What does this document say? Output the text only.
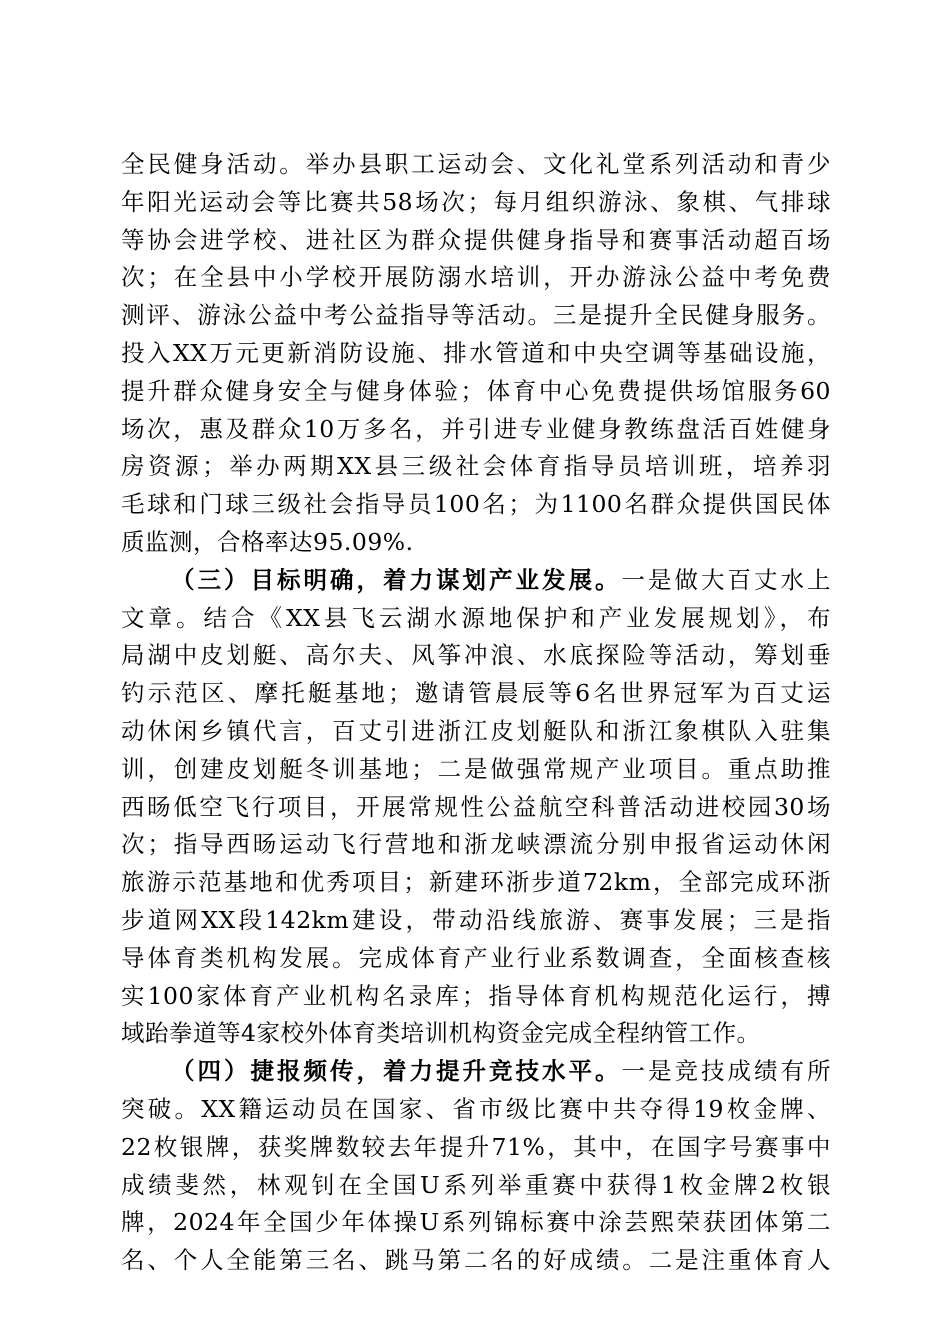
全民健身活动。举办县职工运动会、文化礼堂系列活动和青少
年阳光运动会等比赛共58场次；每月组织游泳、象棋、气排球
等协会进学校、进社区为群众提供健身指导和赛事活动超百场
次；在全县中小学校开展防溺水培训，开办游泳公益中考免费
测评、游泳公益中考公益指导等活动。三是提升全民健身服务。
投入XX万元更新消防设施、排水管道和中央空调等基础设施，
提升群众健身安全与健身体验；体育中心免费提供场馆服务60
场次，惠及群众10万多名，并引进专业健身教练盘活百姓健身
房资源；举办两期XX县三级社会体育指导员培训班，培养羽
毛球和门球三级社会指导员100名；为1100名群众提供国民体
质监测，合格率达95.09%.
（三）目标明确，着力谋划产业发展。一是做大百丈水上
文章。结合《XX县飞云湖水源地保护和产业发展规划》，布
局湖中皮划艇、高尔夫、风筝冲浪、水底探险等活动，筹划垂
钓示范区、摩托艇基地；邀请管晨辰等6名世界冠军为百丈运
动休闲乡镇代言，百丈引进浙江皮划艇队和浙江象棋队入驻集
训，创建皮划艇冬训基地；二是做强常规产业项目。重点助推
西旸低空飞行项目，开展常规性公益航空科普活动进校园30场
次；指导西旸运动飞行营地和浙龙峡漂流分别申报省运动休闲
旅游示范基地和优秀项目；新建环浙步道72km，全部完成环浙
步道网XX段142km建设，带动沿线旅游、赛事发展；三是指
导体育类机构发展。完成体育产业行业系数调查，全面核查核
实100家体育产业机构名录库；指导体育机构规范化运行，搏
域跆拳道等4家校外体育类培训机构资金完成全程纳管工作。
（四）捷报频传，着力提升竞技水平。一是竞技成绩有所
突破。XX籍运动员在国家、省市级比赛中共夺得19枚金牌、
22枚银牌，获奖牌数较去年提升71%，其中，在国字号赛事中
成绩斐然，林观钊在全国U系列举重赛中获得1枚金牌2枚银
牌，2024年全国少年体操U系列锦标赛中涂芸熙荣获团体第二
名、个人全能第三名、跳马第二名的好成绩。二是注重体育人
